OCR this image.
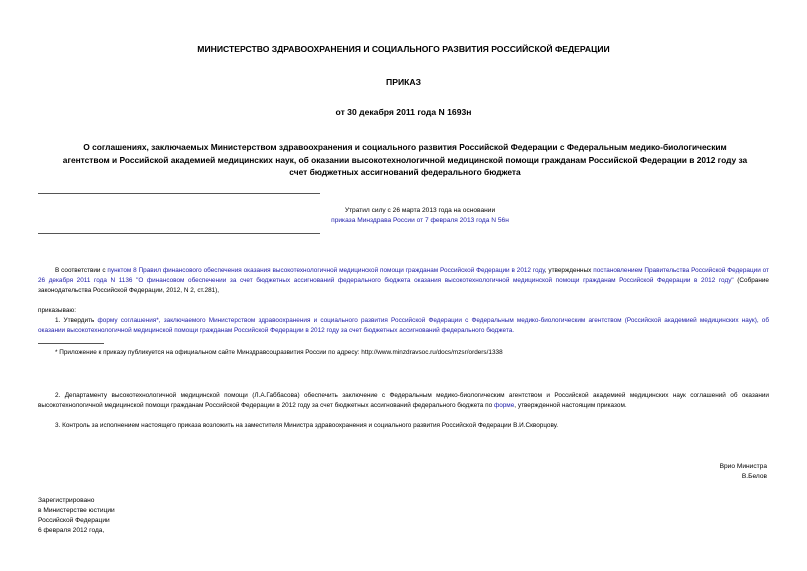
МИНИСТЕРСТВО ЗДРАВООХРАНЕНИЯ И СОЦИАЛЬНОГО РАЗВИТИЯ РОССИЙСКОЙ ФЕДЕРАЦИИ
ПРИКАЗ
от 30 декабря 2011 года N 1693н
О соглашениях, заключаемых Министерством здравоохранения и социального развития Российской Федерации с Федеральным медико-биологическим агентством и Российской академией медицинских наук, об оказании высокотехнологичной медицинской помощи гражданам Российской Федерации в 2012 году за счет бюджетных ассигнований федерального бюджета
Утратил силу с 26 марта 2013 года на основании
приказа Минздрава России от 7 февраля 2013 года N 56н
В соответствии с пунктом 8 Правил финансового обеспечения оказания высокотехнологичной медицинской помощи гражданам Российской Федерации в 2012 году, утвержденных постановлением Правительства Российской Федерации от 26 декабря 2011 года N 1136 "О финансовом обеспечении за счет бюджетных ассигнований федерального бюджета оказания высокотехнологичной медицинской помощи гражданам Российской Федерации в 2012 году" (Собрание законодательства Российской Федерации, 2012, N 2, ст.281),
приказываю:
1. Утвердить форму соглашения*, заключаемого Министерством здравоохранения и социального развития Российской Федерации с Федеральным медико-биологическим агентством (Российской академией медицинских наук), об оказании высокотехнологичной медицинской помощи гражданам Российской Федерации в 2012 году за счет бюджетных ассигнований федерального бюджета.
* Приложение к приказу публикуется на официальном сайте Минздравсоцразвития России по адресу: http://www.minzdravsoc.ru/docs/mzsr/orders/1338
2. Департаменту высокотехнологичной медицинской помощи (Л.А.Габбасова) обеспечить заключение с Федеральным медико-биологическим агентством и Российской академией медицинских наук соглашений об оказании высокотехнологичной медицинской помощи гражданам Российской Федерации в 2012 году за счет бюджетных ассигнований федерального бюджета по форме, утвержденной настоящим приказом.
3. Контроль за исполнением настоящего приказа возложить на заместителя Министра здравоохранения и социального развития Российской Федерации В.И.Скворцову.
Врио Министра
В.Белов
Зарегистрировано
в Министерстве юстиции
Российской Федерации
6 февраля 2012 года,
